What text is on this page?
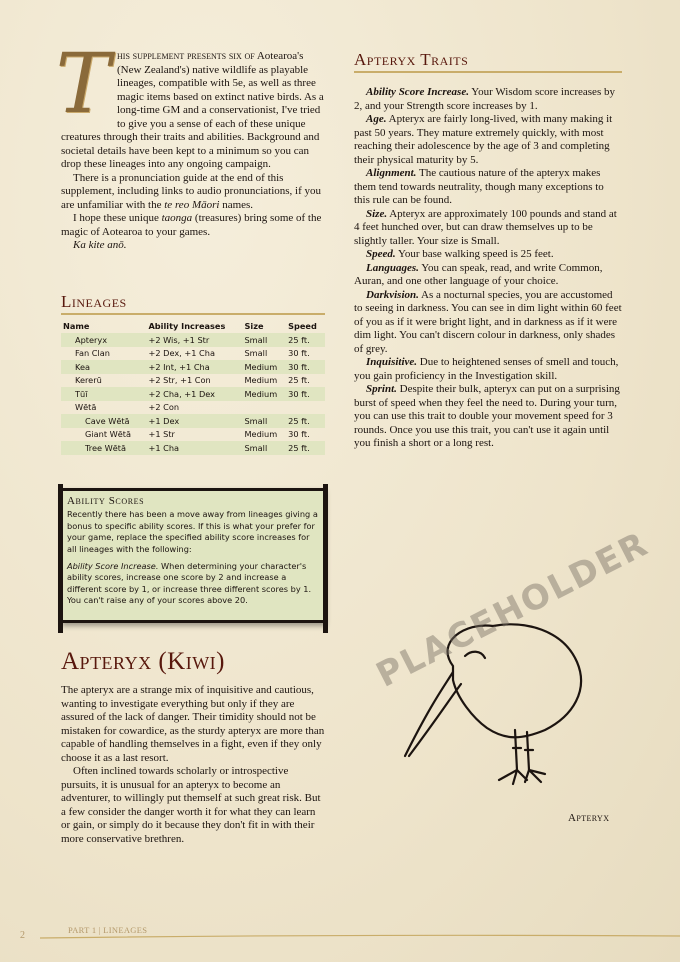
T his supplement presents six of Aotearoa's (New Zealand's) native wildlife as playable lineages, compatible with 5e, as well as three magic items based on extinct native birds. As a long-time GM and a conservationist, I've tried to give you a sense of each of these unique creatures through their traits and abilities. Background and societal details have been kept to a minimum so you can drop these lineages into any ongoing campaign.

There is a pronunciation guide at the end of this supplement, including links to audio pronunciations, if you are unfamiliar with the te reo Māori names.

I hope these unique taonga (treasures) bring some of the magic of Aotearoa to your games.

Ka kite anō.

Lineages
Name	Ability Increases	Size	Speed
Apteryx	+2 Wis, +1 Str	Small	25 ft.
Fan Clan	+2 Dex, +1 Cha	Small	30 ft.
Kea	+2 Int, +1 Cha	Medium	30 ft.
Kererū	+2 Str, +1 Con	Medium	25 ft.
Tūī	+2 Cha, +1 Dex	Medium	30 ft.
Wētā	+2 Con		
Cave Wētā	+1 Dex	Small	25 ft.
Giant Wētā	+1 Str	Medium	30 ft.
Tree Wētā	+1 Cha	Small	25 ft.
Ability Scores

Recently there has been a move away from lineages giving a bonus to specific ability scores. If this is what your prefer for your game, replace the specified ability score increases for all lineages with the following:

Ability Score Increase. When determining your character's ability scores, increase one score by 2 and increase a different score by 1, or increase three different scores by 1. You can't raise any of your scores above 20.

Apteryx (Kiwi)

The apteryx are a strange mix of inquisitive and cautious, wanting to investigate everything but only if they are assured of the lack of danger. Their timidity should not be mistaken for cowardice, as the sturdy apteryx are more than capable of handling themselves in a fight, even if they only choose it as a last resort.

Often inclined towards scholarly or introspective pursuits, it is unusual for an apteryx to become an adventurer, to willingly put themself at such great risk. But a few consider the danger worth it for what they can learn or gain, or simply do it because they don't fit in with their more conservative brethren.

Apteryx Traits

Ability Score Increase. Your Wisdom score increases by 2, and your Strength score increases by 1.

Age. Apteryx are fairly long-lived, with many making it past 50 years. They mature extremely quickly, with most reaching their adolescence by the age of 3 and completing their physical maturity by 5.

Alignment. The cautious nature of the apteryx makes them tend towards neutrality, though many exceptions to this rule can be found.

Size. Apteryx are approximately 100 pounds and stand at 4 feet hunched over, but can draw themselves up to be slightly taller. Your size is Small.

Speed. Your base walking speed is 25 feet.

Languages. You can speak, read, and write Common, Auran, and one other language of your choice.

Darkvision. As a nocturnal species, you are accustomed to seeing in darkness. You can see in dim light within 60 feet of you as if it were bright light, and in darkness as if it were dim light. You can't discern colour in darkness, only shades of grey.

Inquisitive. Due to heightened senses of smell and touch, you gain proficiency in the Investigation skill.

Sprint. Despite their bulk, apteryx can put on a surprising burst of speed when they feel the need to. During your turn, you can use this trait to double your movement speed for 3 rounds. Once you use this trait, you can't use it again until you finish a short or a long rest.

PLACEHOLDER
Apteryx
PART 1 | LINEAGES
2
